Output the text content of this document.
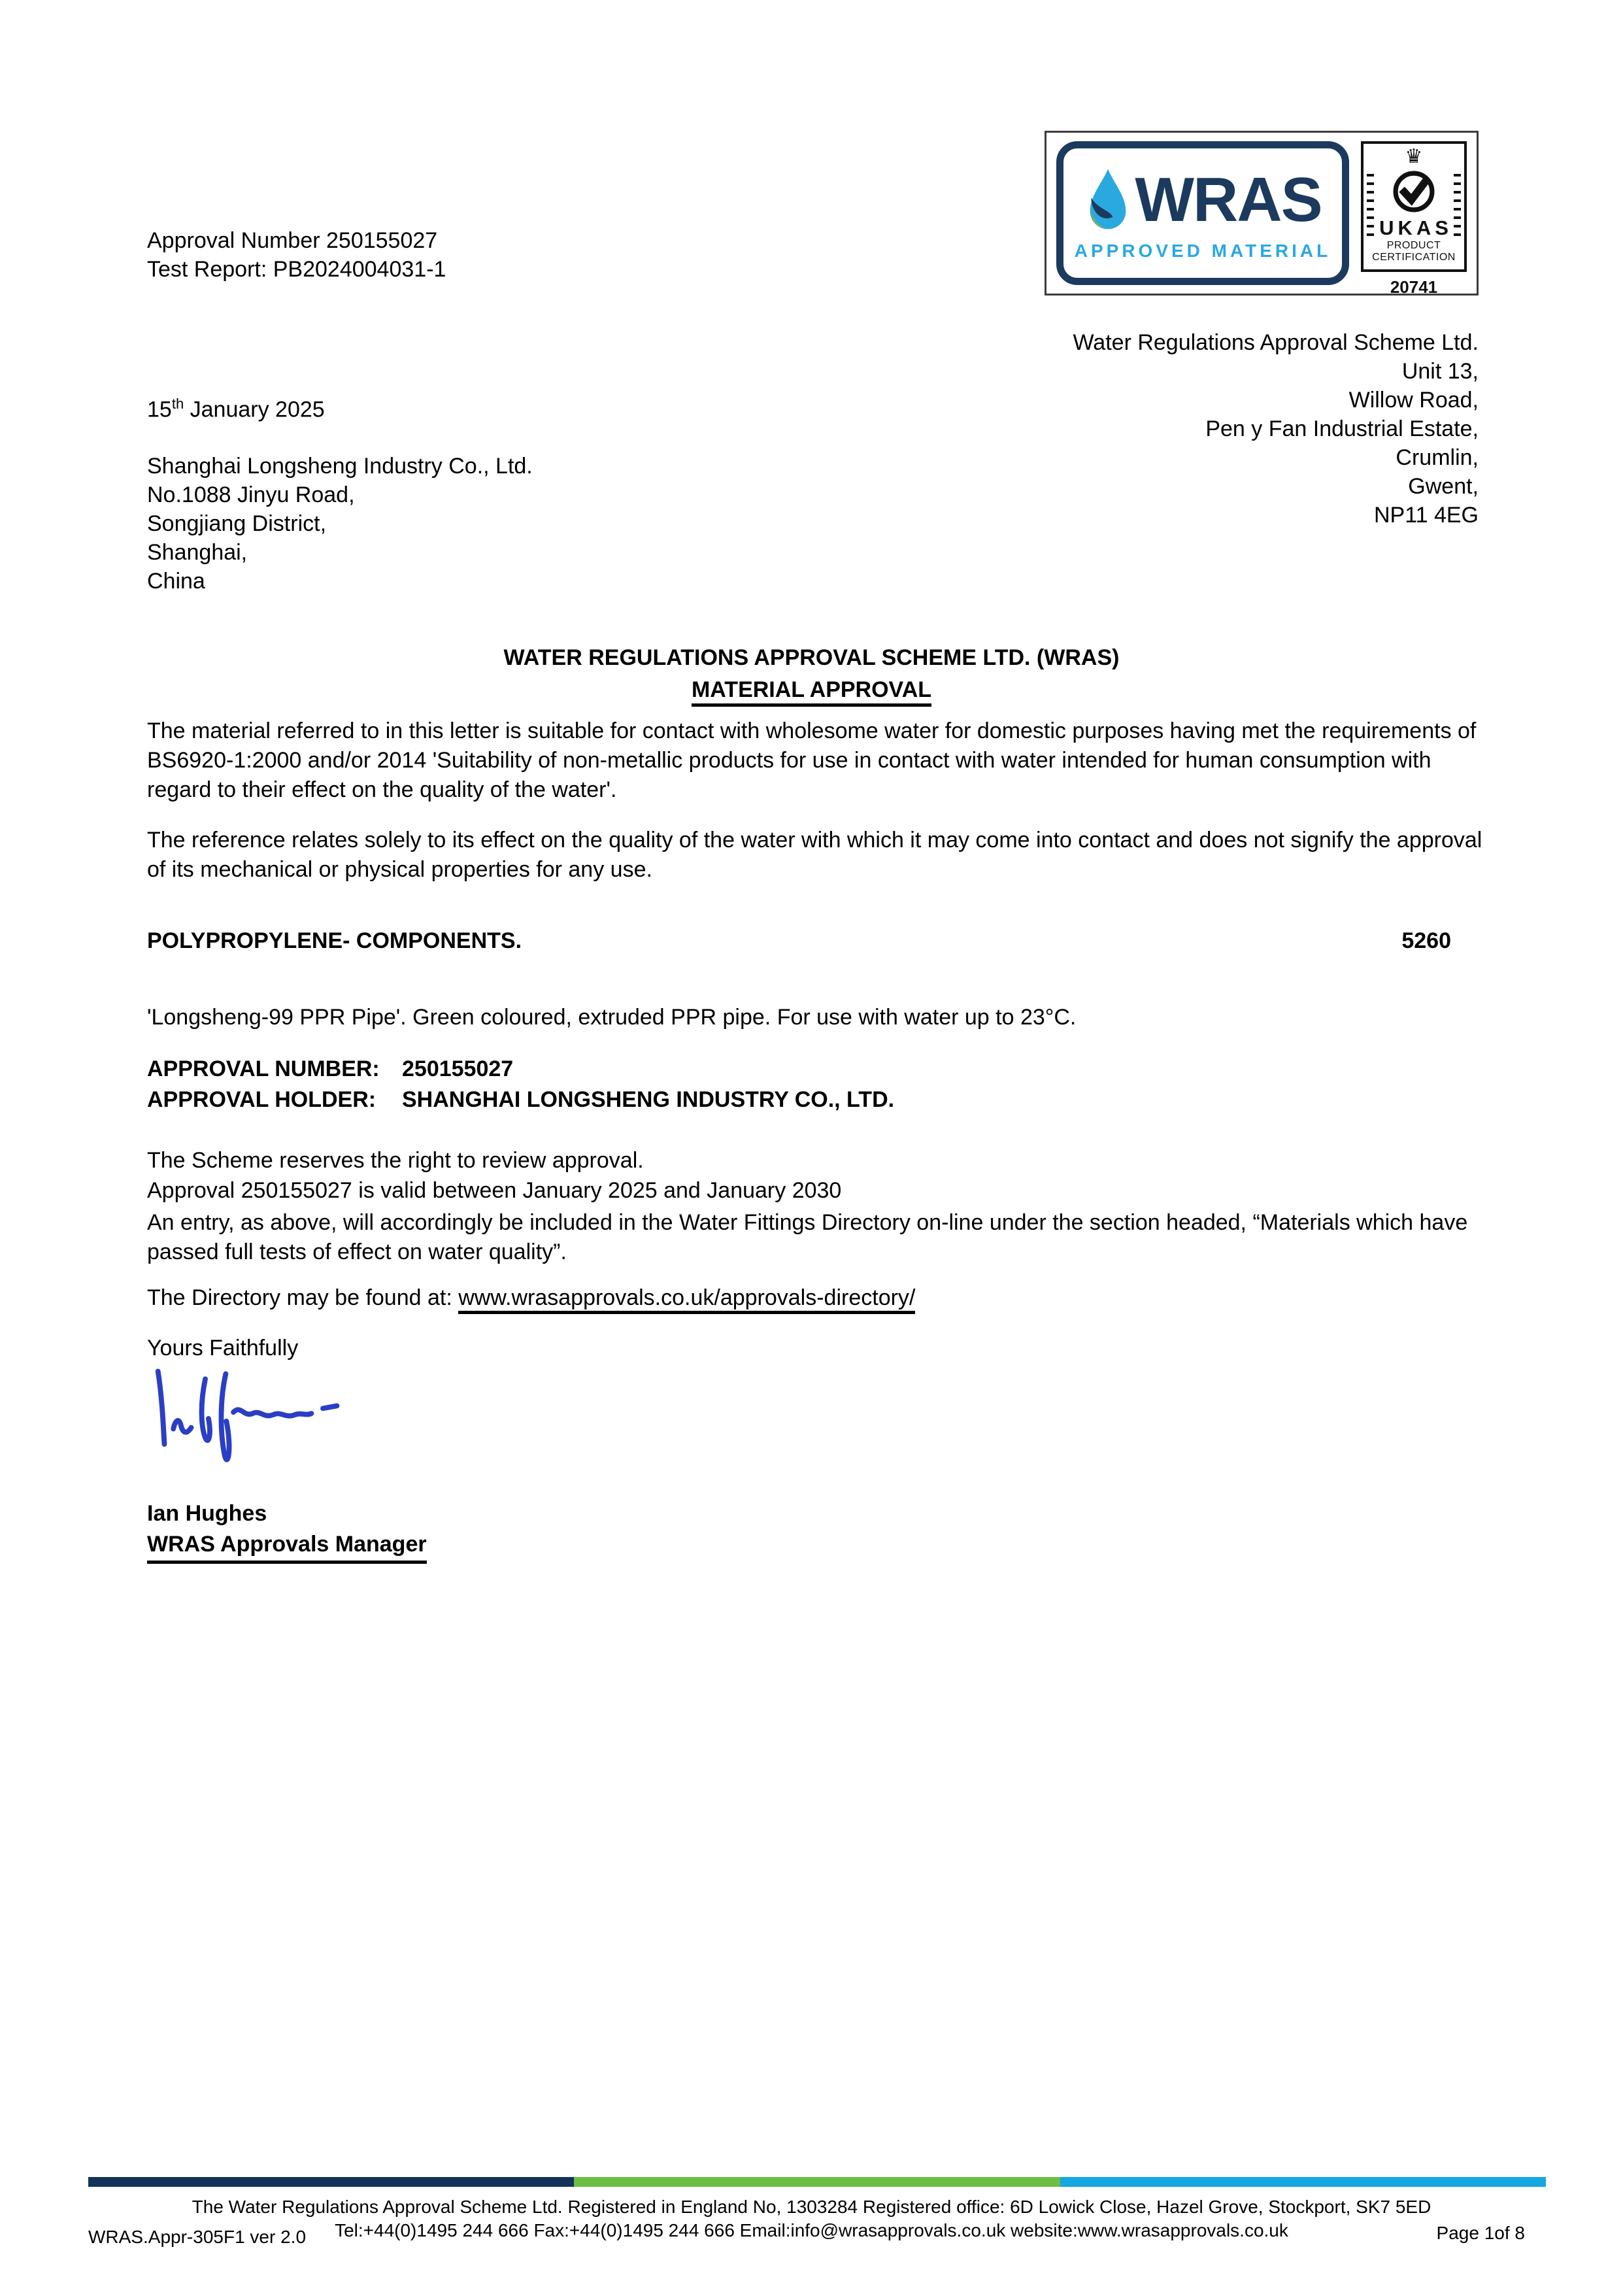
Approval Number 250155027
Test Report: PB2024004031-1
WRAS
APPROVED MATERIAL
♛
UKAS
PRODUCT
CERTIFICATION
20741
Water Regulations Approval Scheme Ltd.
Unit 13,
Willow Road,
Pen y Fan Industrial Estate,
Crumlin,
Gwent,
NP11 4EG
15th January 2025
Shanghai Longsheng Industry Co., Ltd.
No.1088 Jinyu Road,
Songjiang District,
Shanghai,
China
WATER REGULATIONS APPROVAL SCHEME LTD. (WRAS)
MATERIAL APPROVAL
The material referred to in this letter is suitable for contact with wholesome water for domestic purposes having met the requirements of BS6920-1:2000 and/or 2014 'Suitability of non-metallic products for use in contact with water intended for human consumption with regard to their effect on the quality of the water'.
The reference relates solely to its effect on the quality of the water with which it may come into contact and does not signify the approval of its mechanical or physical properties for any use.
POLYPROPYLENE- COMPONENTS.	5260
'Longsheng-99 PPR Pipe'. Green coloured, extruded PPR pipe. For use with water up to 23°C.
APPROVAL NUMBER: 250155027
APPROVAL HOLDER: SHANGHAI LONGSHENG INDUSTRY CO., LTD.
The Scheme reserves the right to review approval.
Approval 250155027 is valid between January 2025 and January 2030
An entry, as above, will accordingly be included in the Water Fittings Directory on-line under the section headed, “Materials which have passed full tests of effect on water quality”.
The Directory may be found at: www.wrasapprovals.co.uk/approvals-directory/
Yours Faithfully
Ian Hughes
WRAS Approvals Manager
The Water Regulations Approval Scheme Ltd. Registered in England No, 1303284 Registered office: 6D Lowick Close, Hazel Grove, Stockport, SK7 5ED
Tel:+44(0)1495 244 666 Fax:+44(0)1495 244 666 Email:info@wrasapprovals.co.uk website:www.wrasapprovals.co.uk
WRAS.Appr-305F1 ver 2.0	Page 1of 8
